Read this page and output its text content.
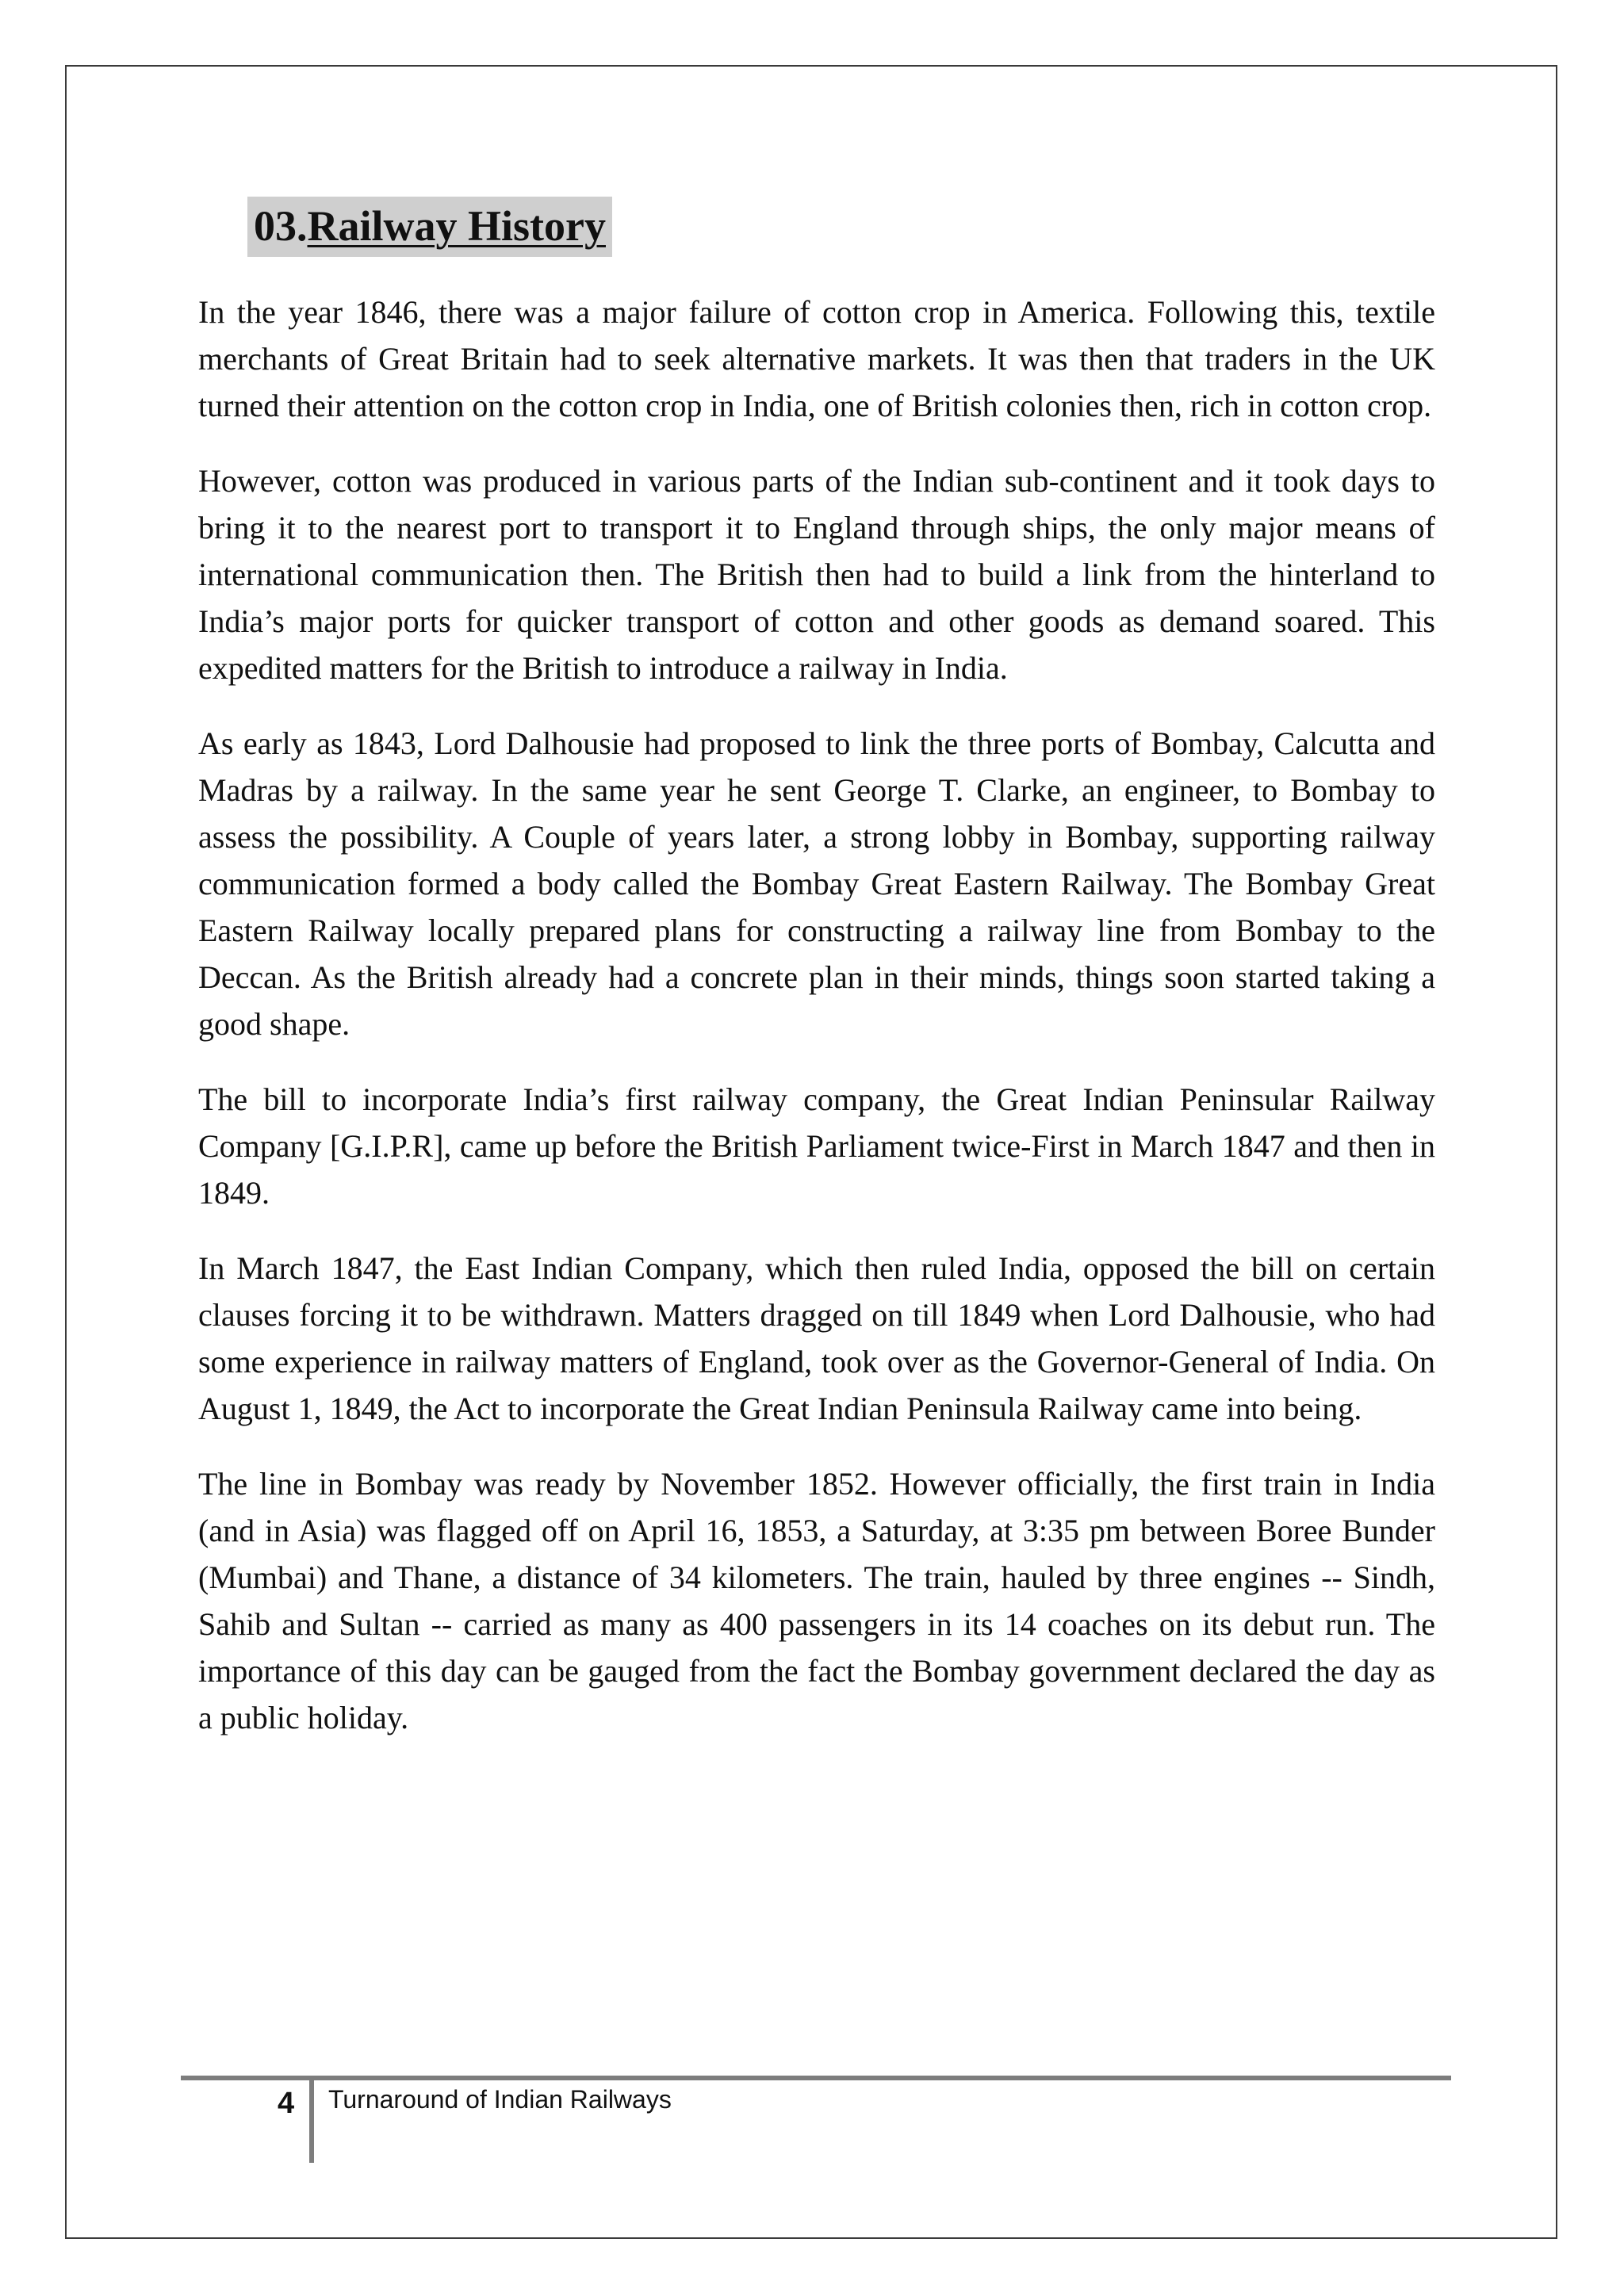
03.Railway History

In the year 1846, there was a major failure of cotton crop in America. Following this, textile merchants of Great Britain had to seek alternative markets. It was then that traders in the UK turned their attention on the cotton crop in India, one of British colonies then, rich in cotton crop.

However, cotton was produced in various parts of the Indian sub-continent and it took days to bring it to the nearest port to transport it to England through ships, the only major means of international communication then. The British then had to build a link from the hinterland to India’s major ports for quicker transport of cotton and other goods as demand soared. This expedited matters for the British to introduce a railway in India.

As early as 1843, Lord Dalhousie had proposed to link the three ports of Bombay, Calcutta and Madras by a railway. In the same year he sent George T. Clarke, an engineer, to Bombay to assess the possibility. A Couple of years later, a strong lobby in Bombay, supporting railway communication formed a body called the Bombay Great Eastern Railway. The Bombay Great Eastern Railway locally prepared plans for constructing a railway line from Bombay to the Deccan. As the British already had a concrete plan in their minds, things soon started taking a good shape.

The bill to incorporate India’s first railway company, the Great Indian Peninsular Railway Company [G.I.P.R], came up before the British Parliament twice-First in March 1847 and then in 1849.

In March 1847, the East Indian Company, which then ruled India, opposed the bill on certain clauses forcing it to be withdrawn. Matters dragged on till 1849 when Lord Dalhousie, who had some experience in railway matters of England, took over as the Governor-General of India. On August 1, 1849, the Act to incorporate the Great Indian Peninsula Railway came into being.

The line in Bombay was ready by November 1852. However officially, the first train in India (and in Asia) was flagged off on April 16, 1853, a Saturday, at 3:35 pm between Boree Bunder (Mumbai) and Thane, a distance of 34 kilometers. The train, hauled by three engines -- Sindh, Sahib and Sultan -- carried as many as 400 passengers in its 14 coaches on its debut run. The importance of this day can be gauged from the fact the Bombay government declared the day as a public holiday.

4 Turnaround of Indian Railways
